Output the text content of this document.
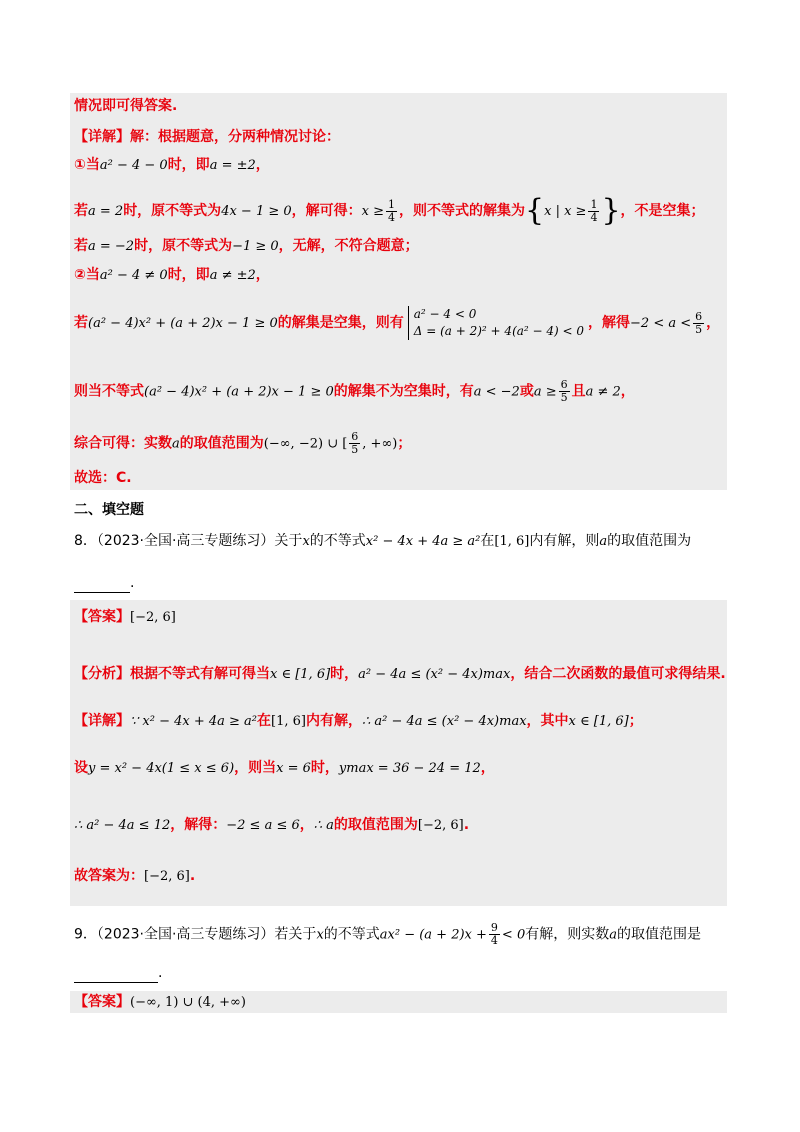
情况即可得答案.
【详解】解：根据题意，分两种情况讨论：
①当a² − 4 − 0时，即a = ±2，
若a = 2时，原不等式为4x − 1 ≥ 0，解可得：$x \ge \frac{1}{4}$ ，则不等式的解集为{x | $x \ge \frac{1}{4}$ }，不是空集；
若a = −2时，原不等式为−1 ≥ 0，无解，不符合题意；
②当a² − 4 ≠ 0时，即a ≠ ±2，
若(a² − 4)x² + (a + 2)x − 1 ≥ 0的解集是空集，则有
a² − 4 < 0
Δ = (a + 2)² + 4(a² − 4) < 0 ，解得$-2 < a < \frac{6}{5}$ ，
则当不等式(a² − 4)x² + (a + 2)x − 1 ≥ 0的解集不为空集时，有a < −2或$a \ge \frac{6}{5}$ 且a ≠ 2，
综合可得：实数a的取值范围为(−∞, −2) ∪ [ $\frac{6}{5}$ , +∞)；
故选：C.
二、填空题
8．（2023·全国·高三专题练习）关于x的不等式x² − 4x + 4a ≥ a²在[1, 6]内有解，则a的取值范围为
.
【答案】[−2, 6]
【分析】根据不等式有解可得当x ∈ [1, 6]时，a² − 4a ≤ (x² − 4x)max，结合二次函数的最值可求得结果.
【详解】∵ x² − 4x + 4a ≥ a²在[1, 6]内有解，∴ a² − 4a ≤ (x² − 4x)max，其中x ∈ [1, 6]；
设y = x² − 4x(1 ≤ x ≤ 6)，则当x = 6时，ymax = 36 − 24 = 12，
∴ a² − 4a ≤ 12，解得：−2 ≤ a ≤ 6，∴ a的取值范围为[−2, 6].
故答案为：[−2, 6].
9．（2023·全国·高三专题练习）若关于x的不等式$ax^2 - (a + 2)x + \frac{9}{4} < 0$有解，则实数a的取值范围是
.
【答案】(−∞, 1) ∪ (4, +∞)
